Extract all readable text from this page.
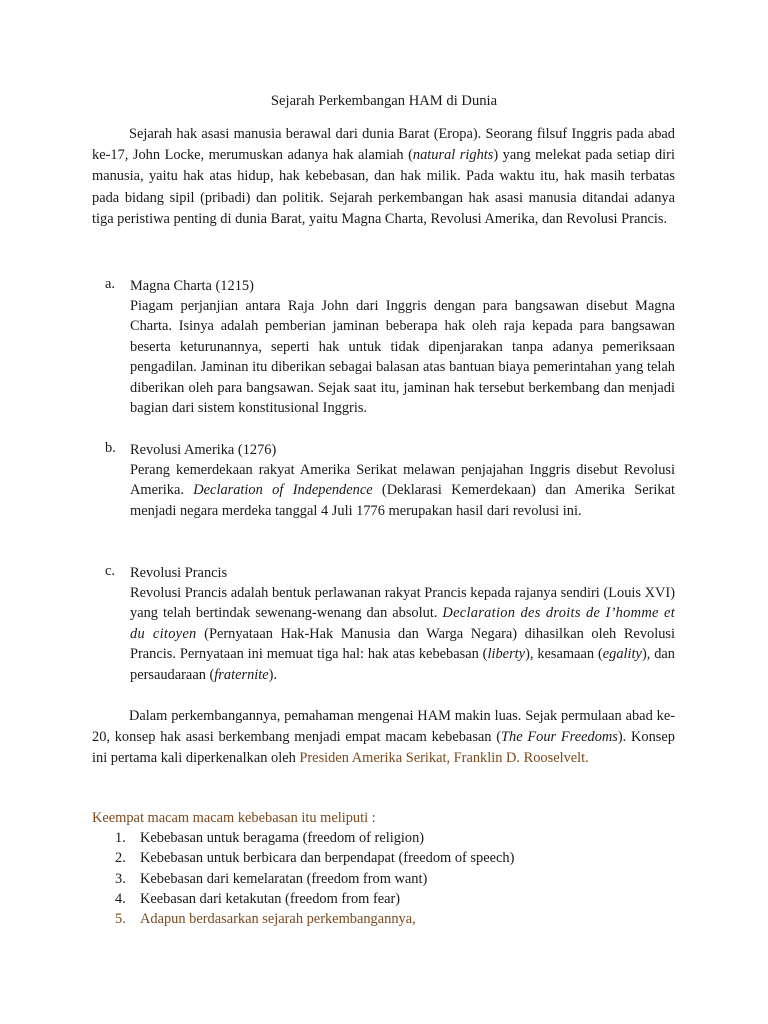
Sejarah Perkembangan HAM di Dunia

Sejarah hak asasi manusia berawal dari dunia Barat (Eropa). Seorang filsuf Inggris pada abad ke-17, John Locke, merumuskan adanya hak alamiah (natural rights) yang melekat pada setiap diri manusia, yaitu hak atas hidup, hak kebebasan, dan hak milik. Pada waktu itu, hak masih terbatas pada bidang sipil (pribadi) dan politik. Sejarah perkembangan hak asasi manusia ditandai adanya tiga peristiwa penting di dunia Barat, yaitu Magna Charta, Revolusi Amerika, dan Revolusi Prancis.

a. Magna Charta (1215)

Piagam perjanjian antara Raja John dari Inggris dengan para bangsawan disebut Magna Charta. Isinya adalah pemberian jaminan beberapa hak oleh raja kepada para bangsawan beserta keturunannya, seperti hak untuk tidak dipenjarakan tanpa adanya pemeriksaan pengadilan. Jaminan itu diberikan sebagai balasan atas bantuan biaya pemerintahan yang telah diberikan oleh para bangsawan. Sejak saat itu, jaminan hak tersebut berkembang dan menjadi bagian dari sistem konstitusional Inggris.

b. Revolusi Amerika (1276)

Perang kemerdekaan rakyat Amerika Serikat melawan penjajahan Inggris disebut Revolusi Amerika. Declaration of Independence (Deklarasi Kemerdekaan) dan Amerika Serikat menjadi negara merdeka tanggal 4 Juli 1776 merupakan hasil dari revolusi ini.

c. Revolusi Prancis

Revolusi Prancis adalah bentuk perlawanan rakyat Prancis kepada rajanya sendiri (Louis XVI) yang telah bertindak sewenang-wenang dan absolut. Declaration des droits de I’homme et du citoyen (Pernyataan Hak-Hak Manusia dan Warga Negara) dihasilkan oleh Revolusi Prancis. Pernyataan ini memuat tiga hal: hak atas kebebasan (liberty), kesamaan (egality), dan persaudaraan (fraternite).

Dalam perkembangannya, pemahaman mengenai HAM makin luas. Sejak permulaan abad ke-20, konsep hak asasi berkembang menjadi empat macam kebebasan (The Four Freedoms). Konsep ini pertama kali diperkenalkan oleh Presiden Amerika Serikat, Franklin D. Rooselvelt.

Keempat macam macam kebebasan itu meliputi :
1. Kebebasan untuk beragama (freedom of religion)
2. Kebebasan untuk berbicara dan berpendapat (freedom of speech)
3. Kebebasan dari kemelaratan (freedom from want)
4. Keebasan dari ketakutan (freedom from fear)
5. Adapun berdasarkan sejarah perkembangannya,
